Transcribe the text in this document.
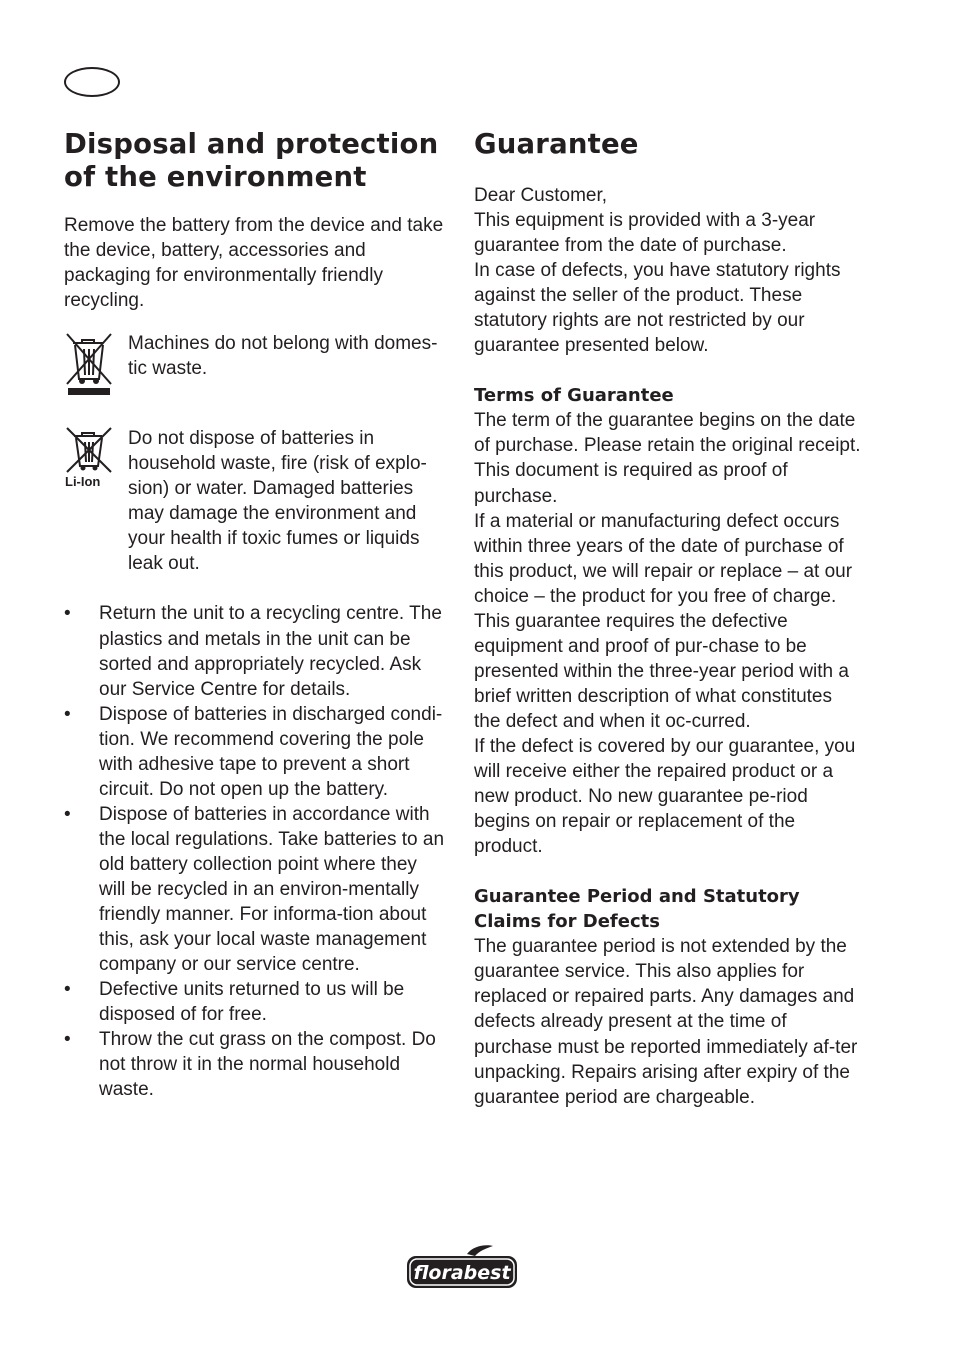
Disposal and protection
of the environment

Remove the battery from the device and take the device, battery, accessories and packaging for environmentally friendly recycling.

Machines do not belong with domes-tic waste.

Li-Ion

Do not dispose of batteries in household waste, fire (risk of explo-sion) or water. Damaged batteries may damage the environment and your health if toxic fumes or liquids leak out.

• Return the unit to a recycling centre. The plastics and metals in the unit can be sorted and appropriately recycled. Ask our Service Centre for details.
• Dispose of batteries in discharged condi-tion. We recommend covering the pole with adhesive tape to prevent a short circuit. Do not open up the battery.
• Dispose of batteries in accordance with the local regulations. Take batteries to an old battery collection point where they will be recycled in an environ-mentally friendly manner. For informa-tion about this, ask your local waste management company or our service centre.
• Defective units returned to us will be disposed of for free.
• Throw the cut grass on the compost. Do not throw it in the normal household waste.
Guarantee

Dear Customer,
This equipment is provided with a 3-year guarantee from the date of purchase.
In case of defects, you have statutory rights against the seller of the product. These statutory rights are not restricted by our guarantee presented below.

Terms of Guarantee

The term of the guarantee begins on the date of purchase. Please retain the original receipt. This document is required as proof of purchase.
If a material or manufacturing defect occurs within three years of the date of purchase of this product, we will repair or replace – at our choice – the product for you free of charge. This guarantee requires the defective equipment and proof of pur-chase to be presented within the three-year period with a brief written description of what constitutes the defect and when it oc-curred.
If the defect is covered by our guarantee, you will receive either the repaired product or a new product. No new guarantee pe-riod begins on repair or replacement of the product.

Guarantee Period and Statutory
Claims for Defects

The guarantee period is not extended by the guarantee service. This also applies for replaced or repaired parts. Any damages and defects already present at the time of purchase must be reported immediately af-ter unpacking. Repairs arising after expiry of the guarantee period are chargeable.

florabest
